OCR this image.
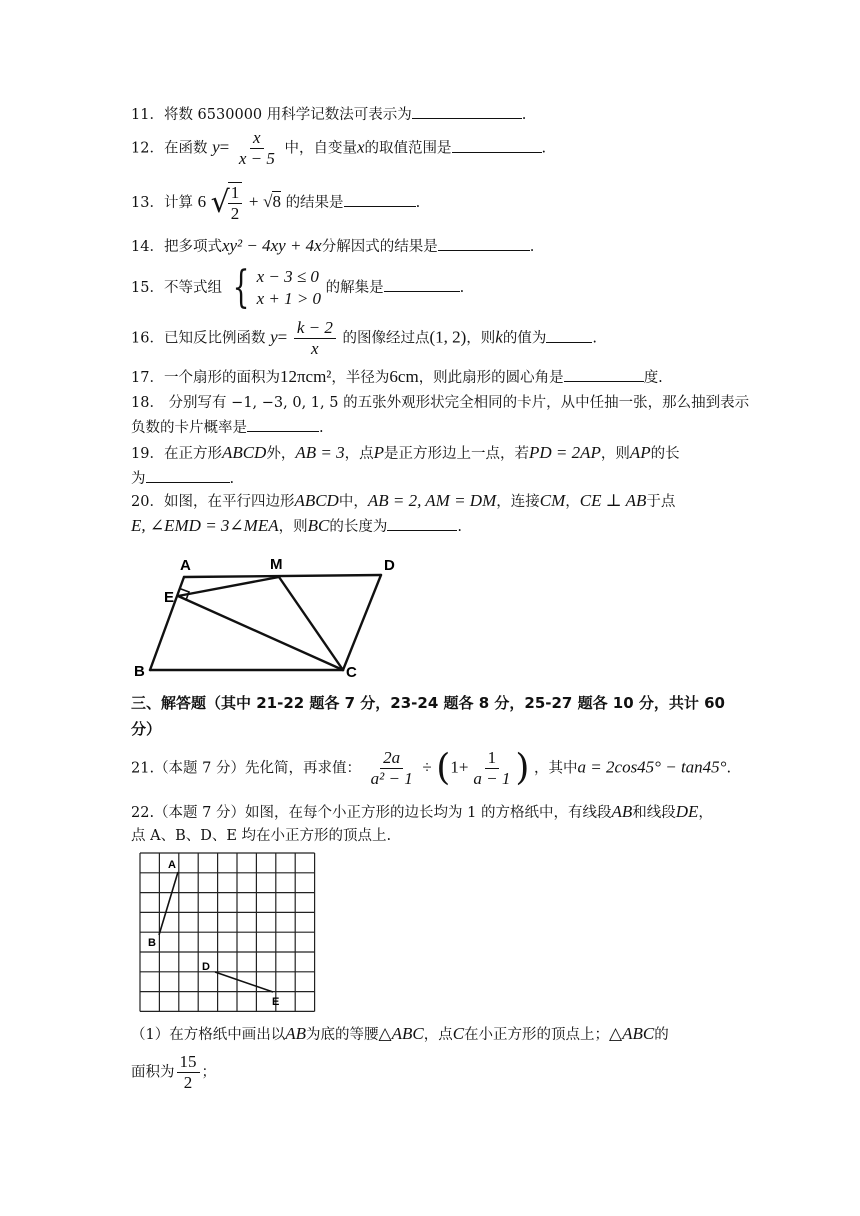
11．将数 6530000 用科学记数法可表示为	.
12．在函数 $y= \frac{x}{x - 5}$ 中，自变量x的取值范围是	.
13．计算 6 √
$\frac{1}{2} + √8$ 的结果是	.
14．把多项式xy² − 4xy + 4x分解因式的结果是	.
15．不等式组 { x − 3 ≤ 0
x + 1 > 0
的解集是	.
16．已知反比例函数 $y= \frac{k - 2}{x}$ 的图像经过点(1, 2)，则k的值为	.
17．一个扇形的面积为12πcm²，半径为6cm，则此扇形的圆心角是	度.
18． 分别写有 −1, −3, 0, 1, 5 的五张外观形状完全相同的卡片，从中任抽一张，那么抽到表示
负数的卡片概率是	.
19．在正方形ABCD外，AB = 3，点P是正方形边上一点，若PD = 2AP，则AP的长
为	.
20．如图，在平行四边形ABCD中，AB = 2, AM = DM，连接CM，CE ⊥ AB于点
E, ∠EMD = 3∠MEA，则BC的长度为	.
A	M	D
E
B	C
三、解答题（其中 21-22 题各 7 分，23-24 题各 8 分，25-27 题各 10 分，共计 60 分）
21.（本题 7 分）先化简，再求值： $\frac{2a}{\text{a² − 1}} \div (1+ \frac{1}{a - 1}$ ) ，其中a = 2cos45° − tan45°.
22.（本题 7 分）如图，在每个小正方形的边长均为 1 的方格纸中，有线段AB和线段DE，
点 A、B、D、E 均在小正方形的顶点上.
A
B
D
E
（1）在方格纸中画出以AB为底的等腰△ABC，点C在小正方形的顶点上；△ABC的
面积为 $\frac{15}{2}$ ；
